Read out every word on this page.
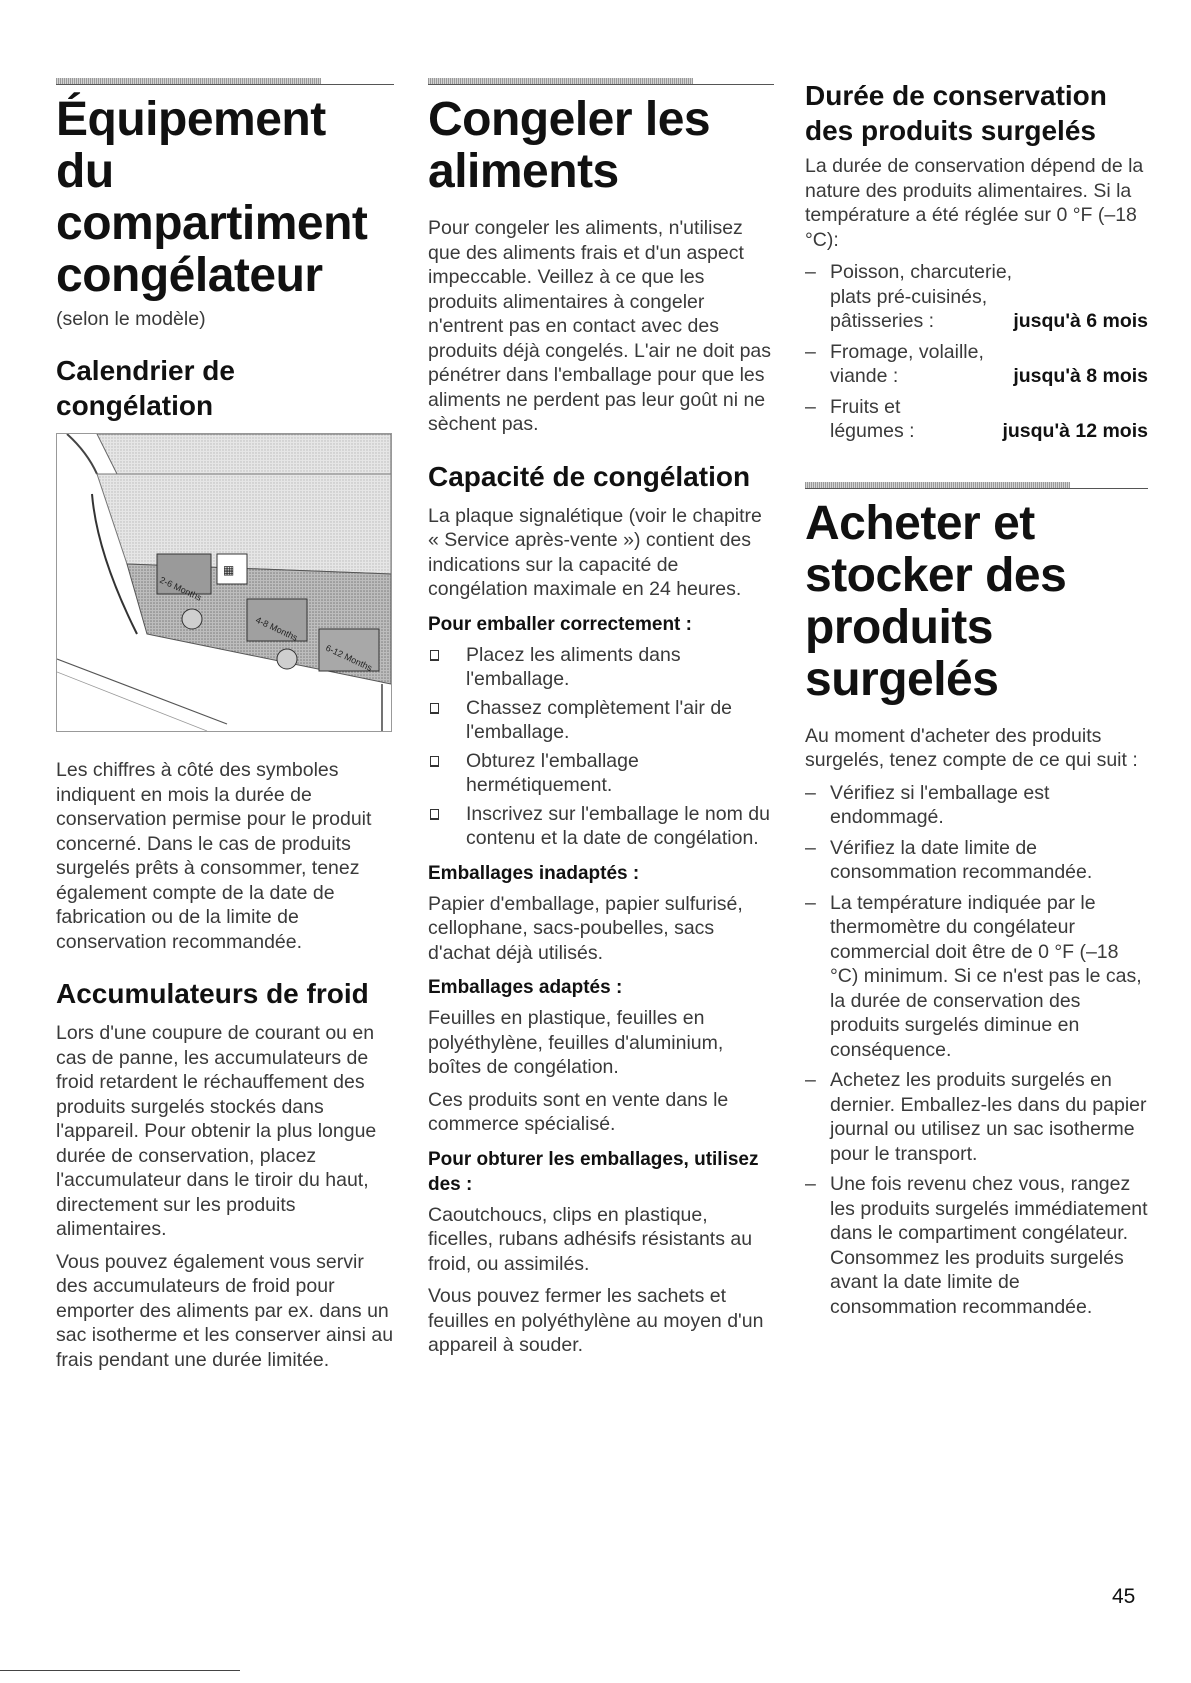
Équipement du compartiment congélateur
(selon le modèle)
Calendrier de congélation
2-6 Months
▦
4-8 Months
6-12 Months

Les chiffres à côté des symboles indiquent en mois la durée de conservation permise pour le produit concerné. Dans le cas de produits surgelés prêts à consommer, tenez également compte de la date de fabrication ou de la limite de conservation recommandée.

Accumulateurs de froid

Lors d'une coupure de courant ou en cas de panne, les accumulateurs de froid retardent le réchauffement des produits surgelés stockés dans l'appareil. Pour obtenir la plus longue durée de conservation, placez l'accumulateur dans le tiroir du haut, directement sur les produits alimentaires.

Vous pouvez également vous servir des accumulateurs de froid pour emporter des aliments par ex. dans un sac isotherme et les conserver ainsi au frais pendant une durée limitée.

Congeler les aliments

Pour congeler les aliments, n'utilisez que des aliments frais et d'un aspect impeccable. Veillez à ce que les produits alimentaires à congeler n'entrent pas en contact avec des produits déjà congelés. L'air ne doit pas pénétrer dans l'emballage pour que les aliments ne perdent pas leur goût ni ne sèchent pas.

Capacité de congélation

La plaque signalétique (voir le chapitre « Service après-vente ») contient des indications sur la capacité de congélation maximale en 24 heures.

Pour emballer correctement :
Placez les aliments dans l'emballage.
Chassez complètement l'air de l'emballage.
Obturez l'emballage hermétiquement.
Inscrivez sur l'emballage le nom du contenu et la date de congélation.
Emballages inadaptés :

Papier d'emballage, papier sulfurisé, cellophane, sacs-poubelles, sacs d'achat déjà utilisés.

Emballages adaptés :

Feuilles en plastique, feuilles en polyéthylène, feuilles d'aluminium, boîtes de congélation.

Ces produits sont en vente dans le commerce spécialisé.

Pour obturer les emballages, utilisez des :

Caoutchoucs, clips en plastique, ficelles, rubans adhésifs résistants au froid, ou assimilés.

Vous pouvez fermer les sachets et feuilles en polyéthylène au moyen d'un appareil à souder.

Durée de conservation des produits surgelés

La durée de conservation dépend de la nature des produits alimentaires. Si la température a été réglée sur 0 °F (–18 °C):

– Poisson, charcuterie,
plats pré-cuisinés,
pâtisseries :	jusqu'à 6 mois
– Fromage, volaille,
viande :	jusqu'à 8 mois
– Fruits et
légumes :	jusqu'à 12 mois
Acheter et stocker des produits surgelés

Au moment d'acheter des produits surgelés, tenez compte de ce qui suit :

– Vérifiez si l'emballage est endommagé.
– Vérifiez la date limite de consommation recommandée.
– La température indiquée par le thermomètre du congélateur commercial doit être de 0 °F (–18 °C) minimum. Si ce n'est pas le cas, la durée de conservation des produits surgelés diminue en conséquence.
– Achetez les produits surgelés en dernier. Emballez-les dans du papier journal ou utilisez un sac isotherme pour le transport.
– Une fois revenu chez vous, rangez les produits surgelés immédiatement dans le compartiment congélateur. Consommez les produits surgelés avant la date limite de consommation recommandée.
45
